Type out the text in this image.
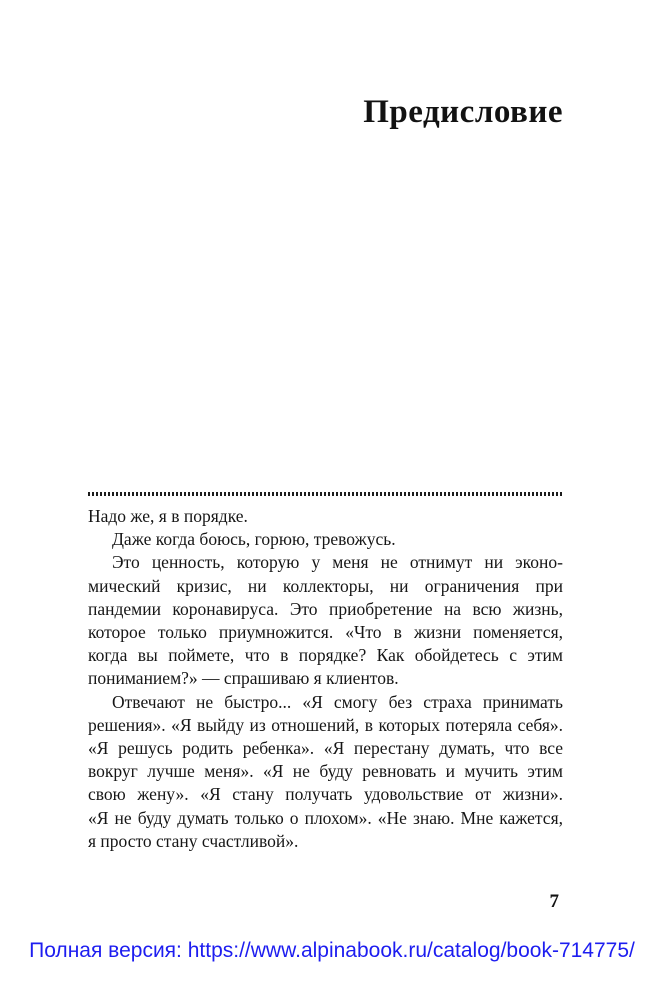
Предисловие
Надо же, я в порядке.
Даже когда боюсь, горюю, тревожусь.
Это ценность, которую у меня не отнимут ни эконо-
мический кризис, ни коллекторы, ни ограничения при
пандемии коронавируса. Это приобретение на всю жизнь,
которое только приумножится. «Что в жизни поменяется,
когда вы поймете, что в порядке? Как обойдетесь с этим
пониманием?» — спрашиваю я клиентов.
Отвечают не быстро... «Я смогу без страха принимать
решения». «Я выйду из отношений, в которых потеряла себя».
«Я решусь родить ребенка». «Я перестану думать, что все
вокруг лучше меня». «Я не буду ревновать и мучить этим
свою жену». «Я стану получать удовольствие от жизни».
«Я не буду думать только о плохом». «Не знаю. Мне кажется,
я просто стану счастливой».
7
Полная версия: https://www.alpinabook.ru/catalog/book-714775/
